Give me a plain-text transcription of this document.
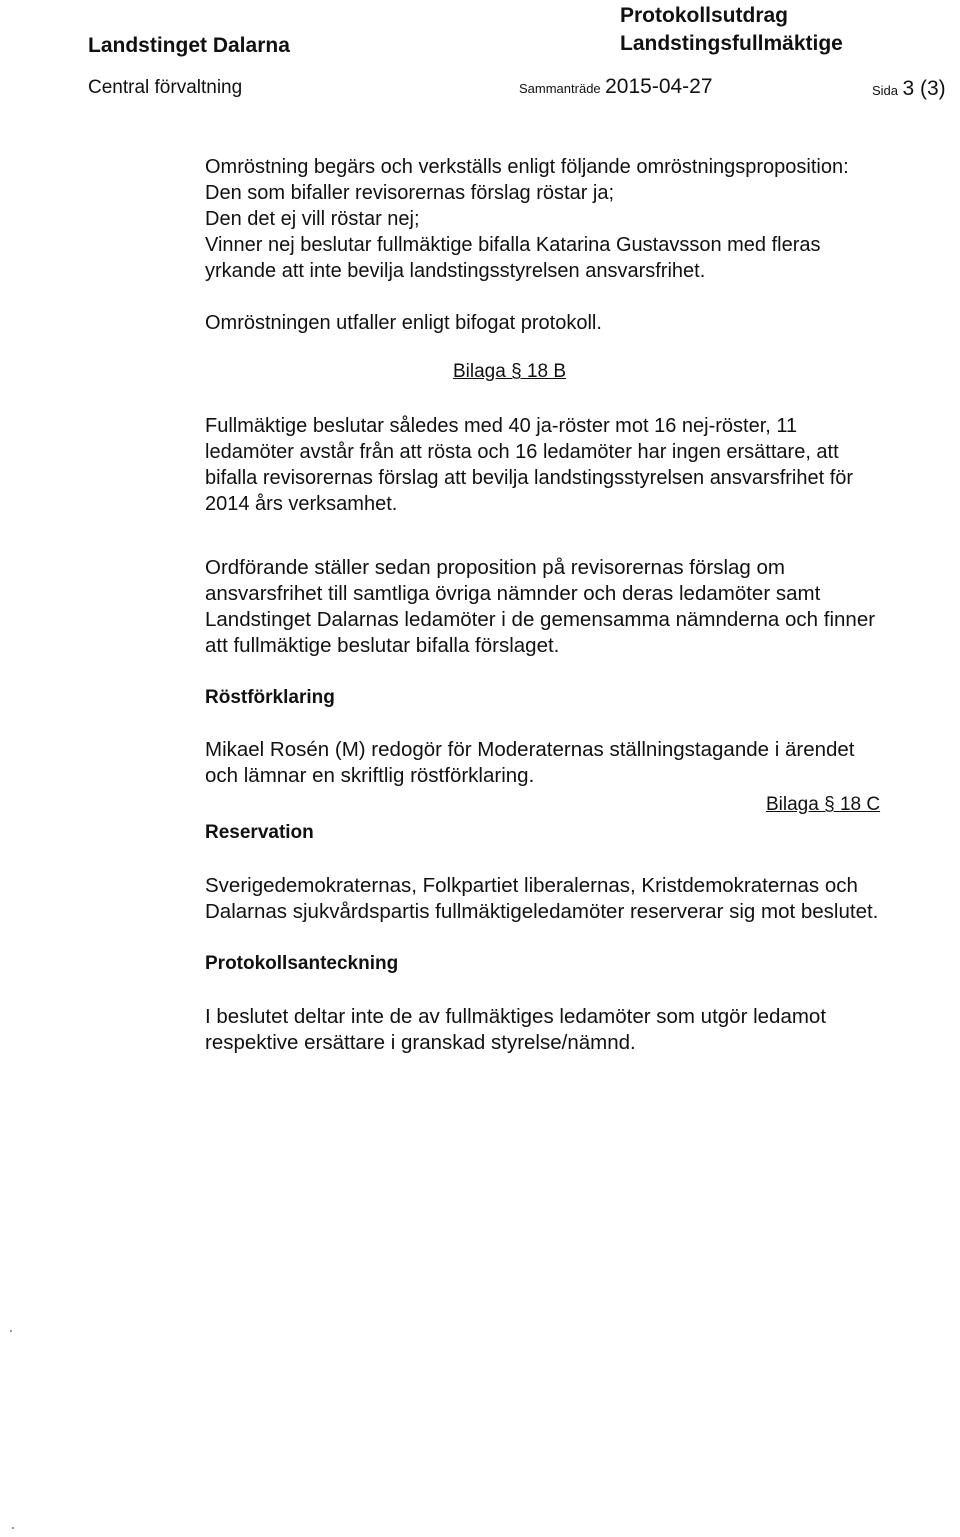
Landstinget Dalarna
Central förvaltning
Protokollsutdrag
Landstingsfullmäktige
Sammanträde 2015-04-27	Sida 3 (3)
Omröstning begärs och verkställs enligt följande omröstningsproposition:
Den som bifaller revisorernas förslag röstar ja;
Den det ej vill röstar nej;
Vinner nej beslutar fullmäktige bifalla Katarina Gustavsson med fleras
yrkande att inte bevilja landstingsstyrelsen ansvarsfrihet.
Omröstningen utfaller enligt bifogat protokoll.
Bilaga § 18 B
Fullmäktige beslutar således med 40 ja-röster mot 16 nej-röster, 11
ledamöter avstår från att rösta och 16 ledamöter har ingen ersättare, att
bifalla revisorernas förslag att bevilja landstingsstyrelsen ansvarsfrihet för
2014 års verksamhet.
Ordförande ställer sedan proposition på revisorernas förslag om
ansvarsfrihet till samtliga övriga nämnder och deras ledamöter samt
Landstinget Dalarnas ledamöter i de gemensamma nämnderna och finner
att fullmäktige beslutar bifalla förslaget.
Röstförklaring
Mikael Rosén (M) redogör för Moderaternas ställningstagande i ärendet
och lämnar en skriftlig röstförklaring.
Bilaga § 18 C
Reservation
Sverigedemokraternas, Folkpartiet liberalernas, Kristdemokraternas och
Dalarnas sjukvårdspartis fullmäktigeledamöter reserverar sig mot beslutet.
Protokollsanteckning
I beslutet deltar inte de av fullmäktiges ledamöter som utgör ledamot
respektive ersättare i granskad styrelse/nämnd.
